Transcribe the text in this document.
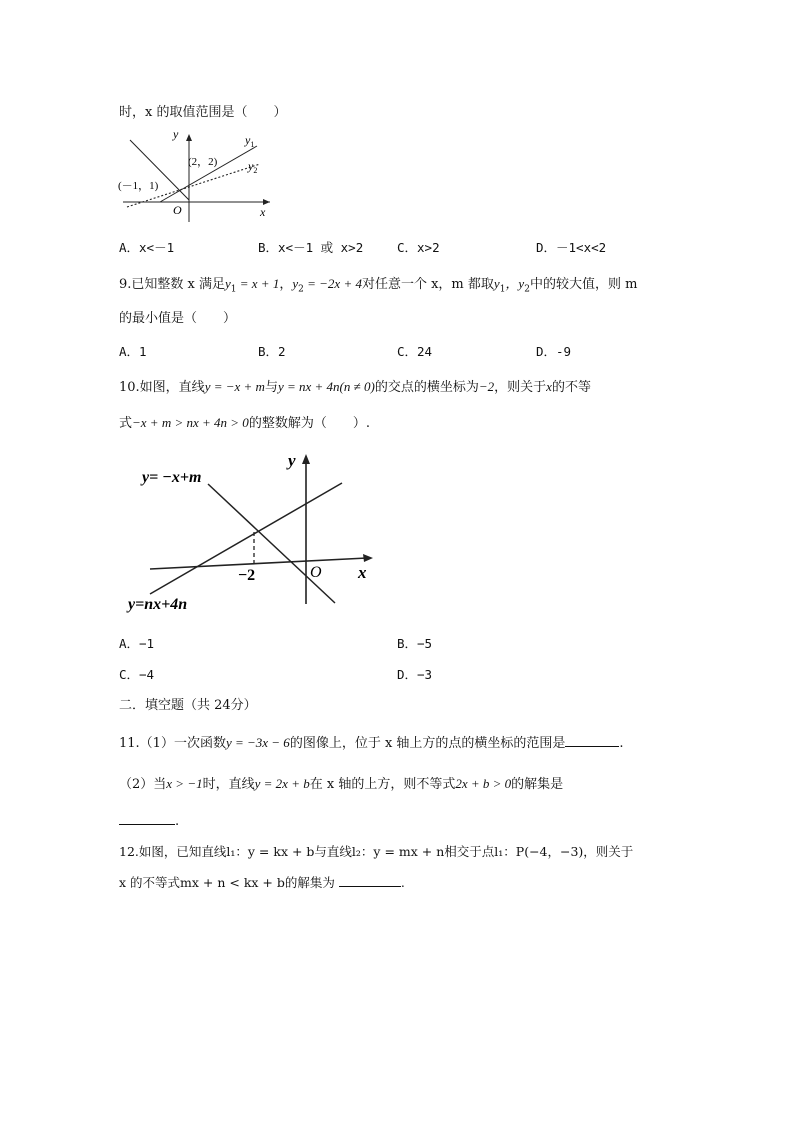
时，x 的取值范围是（　　）
y
x
O
$y_1$
$y_2$
(2，2)
(－1，1)
A．x<－1	B．x<－1 或 x>2	C．x>2	D．－1<x<2
9.已知整数 x 满足$y_1 = x + 1$，$y_2 = -2x + 4$对任意一个 x，m 都取$y_1$，$y_2$中的较大值，则 m
的最小值是（　　）
A．1	B．2	C．24	D．-9
10.如图，直线y = −x + m与y = nx + 4n(n ≠ 0)的交点的横坐标为−2，则关于x的不等
式−x + m > nx + 4n > 0的整数解为（　　）.
y= −x+m
y=nx+4n
y
x
O
−2
A．−1	B．−5
C．−4	D．−3
二．填空题（共 24分）
11.（1）一次函数y = −3x − 6的图像上，位于 x 轴上方的点的横坐标的范围是	.
（2）当x > −1时，直线y = 2x + b在 x 轴的上方，则不等式2x + b > 0的解集是
.
12.如图，已知直线l₁：y = kx + b与直线l₂：y = mx + n相交于点l₁：P(−4，−3)，则关于
x 的不等式mx + n < kx + b的解集为	.
